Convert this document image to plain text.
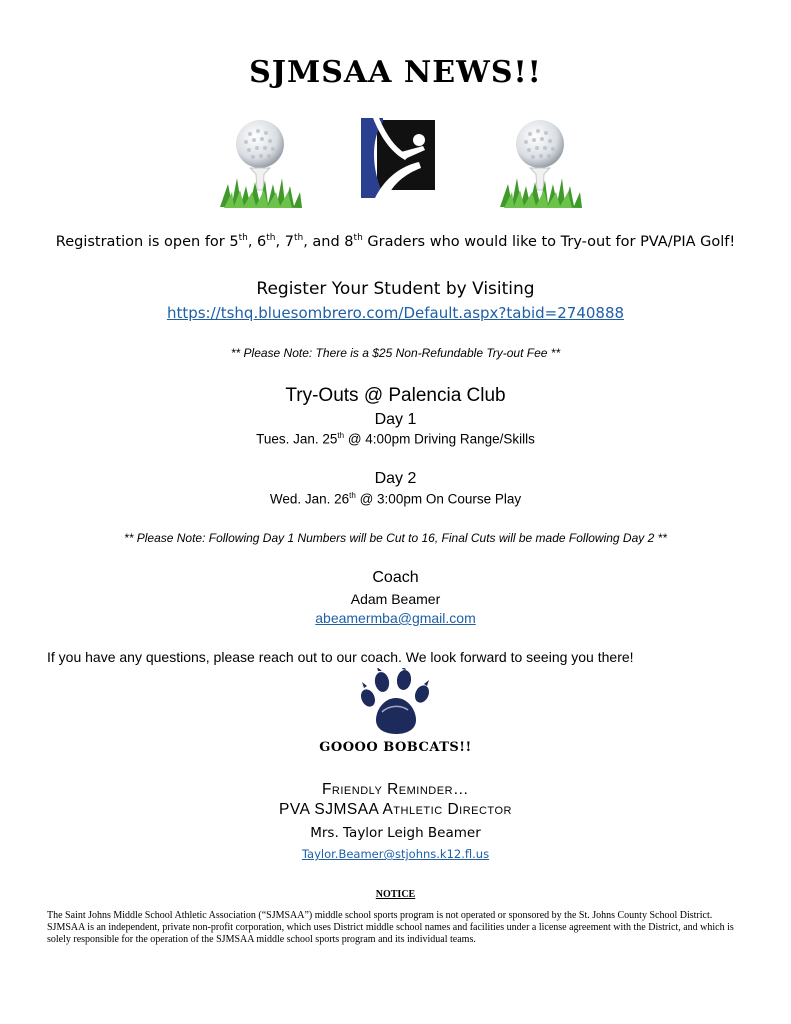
SJMSAA NEWS!!
Registration is open for 5th, 6th, 7th, and 8th Graders who would like to Try-out for PVA/PIA Golf!
Register Your Student by Visiting
https://tshq.bluesombrero.com/Default.aspx?tabid=2740888
** Please Note: There is a $25 Non-Refundable Try-out Fee **
Try-Outs @ Palencia Club
Day 1
Tues. Jan. 25th @ 4:00pm Driving Range/Skills
Day 2
Wed. Jan. 26th @ 3:00pm On Course Play
** Please Note: Following Day 1 Numbers will be Cut to 16, Final Cuts will be made Following Day 2 **
Coach
Adam Beamer
abeamermba@gmail.com
If you have any questions, please reach out to our coach. We look forward to seeing you there!
GOOOO BOBCATS!!
Friendly Reminder…
PVA SJMSAA Athletic Director
Mrs. Taylor Leigh Beamer
Taylor.Beamer@stjohns.k12.fl.us
NOTICE
The Saint Johns Middle School Athletic Association (“SJMSAA”) middle school sports program is not operated or sponsored by the St. Johns County School District. SJMSAA is an independent, private non-profit corporation, which uses District middle school names and facilities under a license agreement with the District, and which is solely responsible for the operation of the SJMSAA middle school sports program and its individual teams.
